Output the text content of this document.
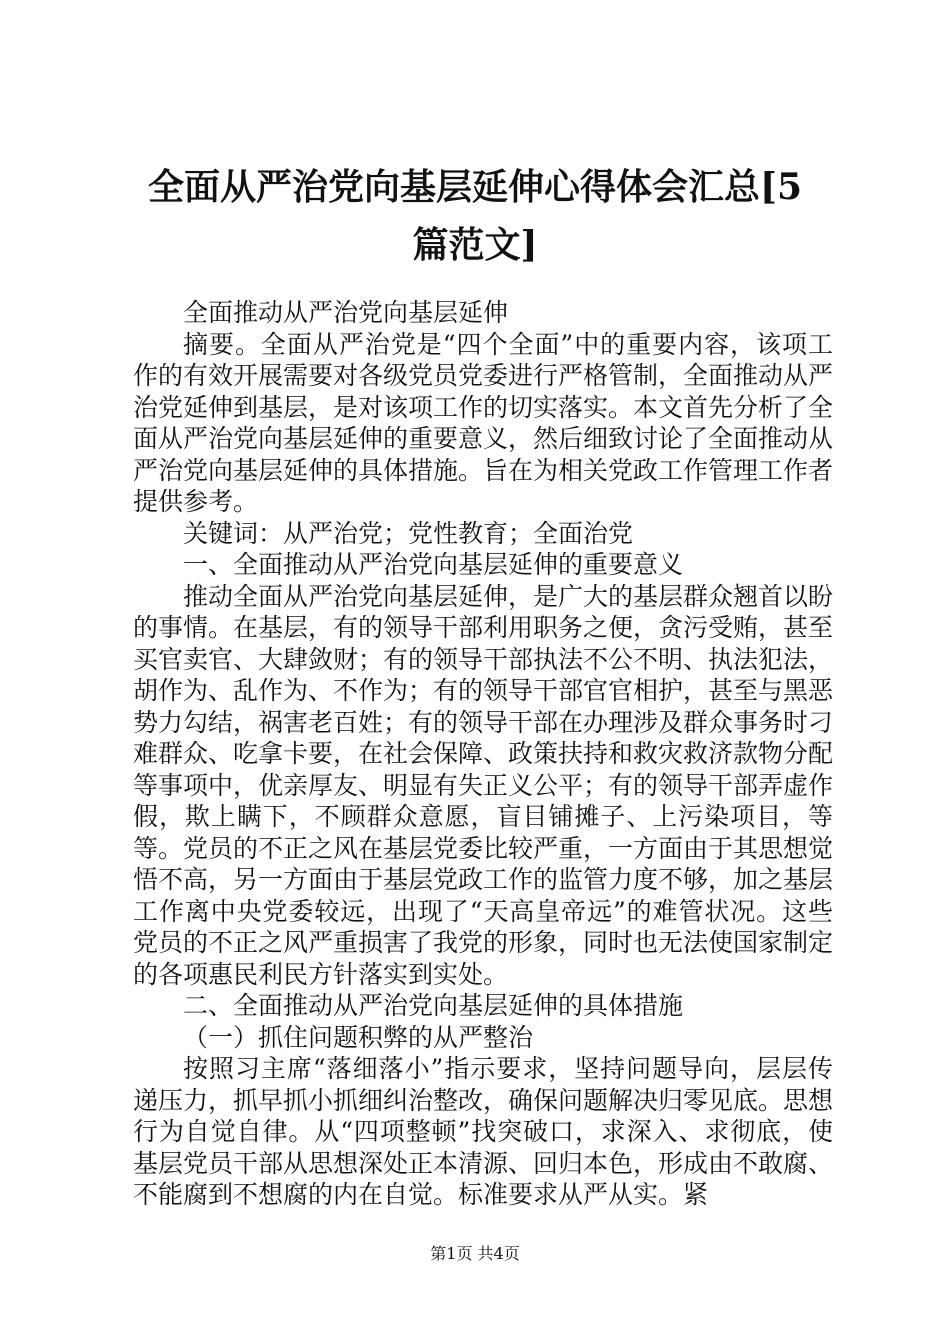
全面从严治党向基层延伸心得体会汇总[5篇范文]

全面推动从严治党向基层延伸

摘要。全面从严治党是“四个全面”中的重要内容，该项工作的有效开展需要对各级党员党委进行严格管制，全面推动从严治党延伸到基层，是对该项工作的切实落实。本文首先分析了全面从严治党向基层延伸的重要意义，然后细致讨论了全面推动从严治党向基层延伸的具体措施。旨在为相关党政工作管理工作者提供参考。

关键词：从严治党；党性教育；全面治党

一、全面推动从严治党向基层延伸的重要意义

推动全面从严治党向基层延伸，是广大的基层群众翘首以盼的事情。在基层，有的领导干部利用职务之便，贪污受贿，甚至买官卖官、大肆敛财；有的领导干部执法不公不明、执法犯法，胡作为、乱作为、不作为；有的领导干部官官相护，甚至与黑恶势力勾结，祸害老百姓；有的领导干部在办理涉及群众事务时刁难群众、吃拿卡要，在社会保障、政策扶持和救灾救济款物分配等事项中，优亲厚友、明显有失正义公平；有的领导干部弄虚作假，欺上瞒下，不顾群众意愿，盲目铺摊子、上污染项目，等等。党员的不正之风在基层党委比较严重，一方面由于其思想觉悟不高，另一方面由于基层党政工作的监管力度不够，加之基层工作离中央党委较远，出现了“天高皇帝远”的难管状况。这些党员的不正之风严重损害了我党的形象，同时也无法使国家制定的各项惠民利民方针落实到实处。

二、全面推动从严治党向基层延伸的具体措施

（一）抓住问题积弊的从严整治

按照习主席“落细落小”指示要求，坚持问题导向，层层传递压力，抓早抓小抓细纠治整改，确保问题解决归零见底。思想行为自觉自律。从“四项整顿”找突破口，求深入、求彻底，使基层党员干部从思想深处正本清源、回归本色，形成由不敢腐、不能腐到不想腐的内在自觉。标准要求从严从实。紧

第1页 共4页
